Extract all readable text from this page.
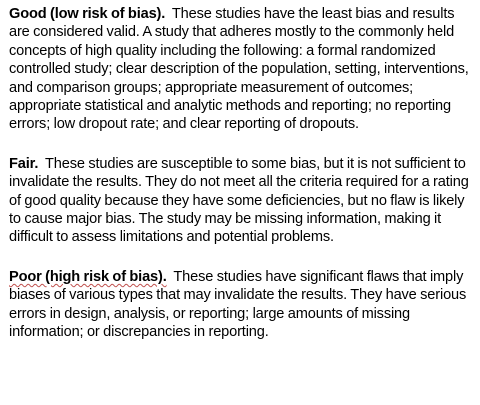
Good (low risk of bias). These studies have the least bias and results are considered valid. A study that adheres mostly to the commonly held concepts of high quality including the following: a formal randomized controlled study; clear description of the population, setting, interventions, and comparison groups; appropriate measurement of outcomes; appropriate statistical and analytic methods and reporting; no reporting errors; low dropout rate; and clear reporting of dropouts.

Fair. These studies are susceptible to some bias, but it is not sufficient to invalidate the results. They do not meet all the criteria required for a rating of good quality because they have some deficiencies, but no flaw is likely to cause major bias. The study may be missing information, making it difficult to assess limitations and potential problems.

Poor (high risk of bias). These studies have significant flaws that imply biases of various types that may invalidate the results. They have serious errors in design, analysis, or reporting; large amounts of missing information; or discrepancies in reporting.
